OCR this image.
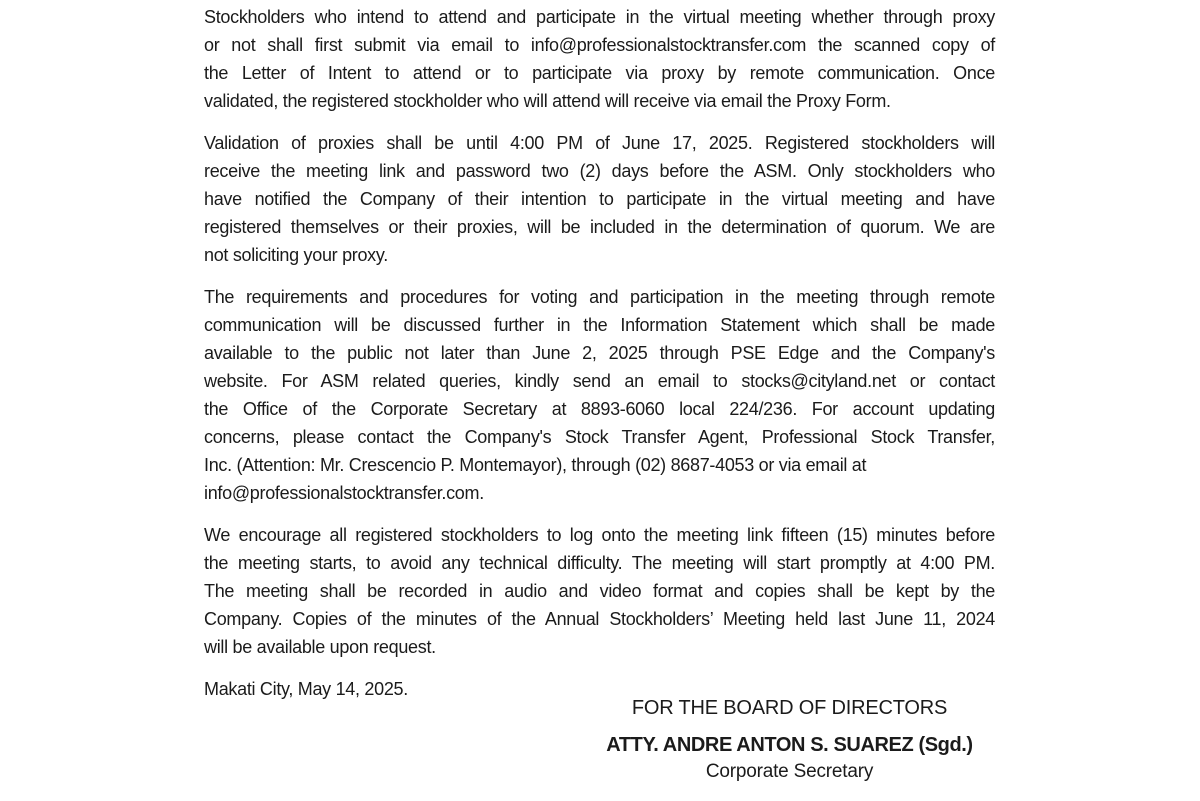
Stockholders who intend to attend and participate in the virtual meeting whether through proxy
or not shall first submit via email to info@professionalstocktransfer.com the scanned copy of
the Letter of Intent to attend or to participate via proxy by remote communication. Once
validated, the registered stockholder who will attend will receive via email the Proxy Form.
Validation of proxies shall be until 4:00 PM of June 17, 2025. Registered stockholders will
receive the meeting link and password two (2) days before the ASM. Only stockholders who
have notified the Company of their intention to participate in the virtual meeting and have
registered themselves or their proxies, will be included in the determination of quorum. We are
not soliciting your proxy.
The requirements and procedures for voting and participation in the meeting through remote
communication will be discussed further in the Information Statement which shall be made
available to the public not later than June 2, 2025 through PSE Edge and the Company's
website. For ASM related queries, kindly send an email to stocks@cityland.net or contact
the Office of the Corporate Secretary at 8893-6060 local 224/236. For account updating
concerns, please contact the Company's Stock Transfer Agent, Professional Stock Transfer,
Inc. (Attention: Mr. Crescencio P. Montemayor), through (02) 8687-4053 or via email at
info@professionalstocktransfer.com.
We encourage all registered stockholders to log onto the meeting link fifteen (15) minutes before
the meeting starts, to avoid any technical difficulty. The meeting will start promptly at 4:00 PM.
The meeting shall be recorded in audio and video format and copies shall be kept by the
Company. Copies of the minutes of the Annual Stockholders’ Meeting held last June 11, 2024
will be available upon request.
Makati City, May 14, 2025.
FOR THE BOARD OF DIRECTORS
ATTY. ANDRE ANTON S. SUAREZ (Sgd.)
Corporate Secretary
